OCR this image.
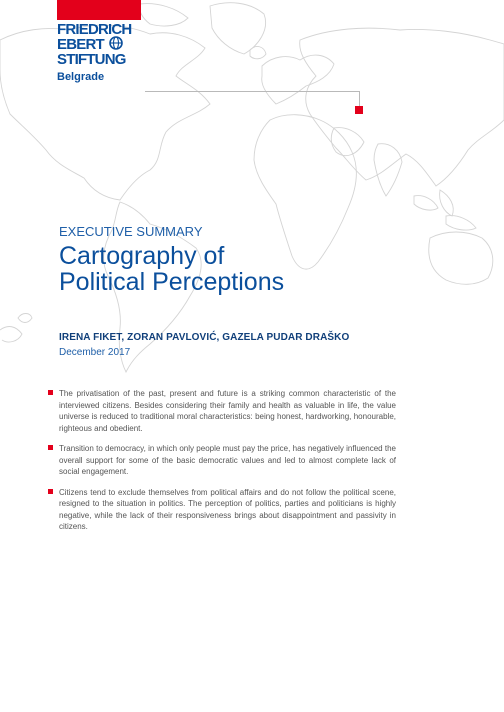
FRIEDRICH
EBERT
STIFTUNG
Belgrade
EXECUTIVE SUMMARY
Cartography of
Political Perceptions
IRENA FIKET, ZORAN PAVLOVIĆ, GAZELA PUDAR DRAŠKO
December 2017
The privatisation of the past, present and future is a striking common characteristic of the interviewed citizens. Besides considering their family and health as valuable in life, the value universe is reduced to traditional moral characteristics: being honest, hardworking, honourable, righteous and obedient.
Transition to democracy, in which only people must pay the price, has negatively influenced the overall support for some of the basic democratic values and led to almost complete lack of social engagement.
Citizens tend to exclude themselves from political affairs and do not follow the political scene, resigned to the situation in politics. The perception of politics, parties and politicians is highly negative, while the lack of their responsiveness brings about disappointment and passivity in citizens.
